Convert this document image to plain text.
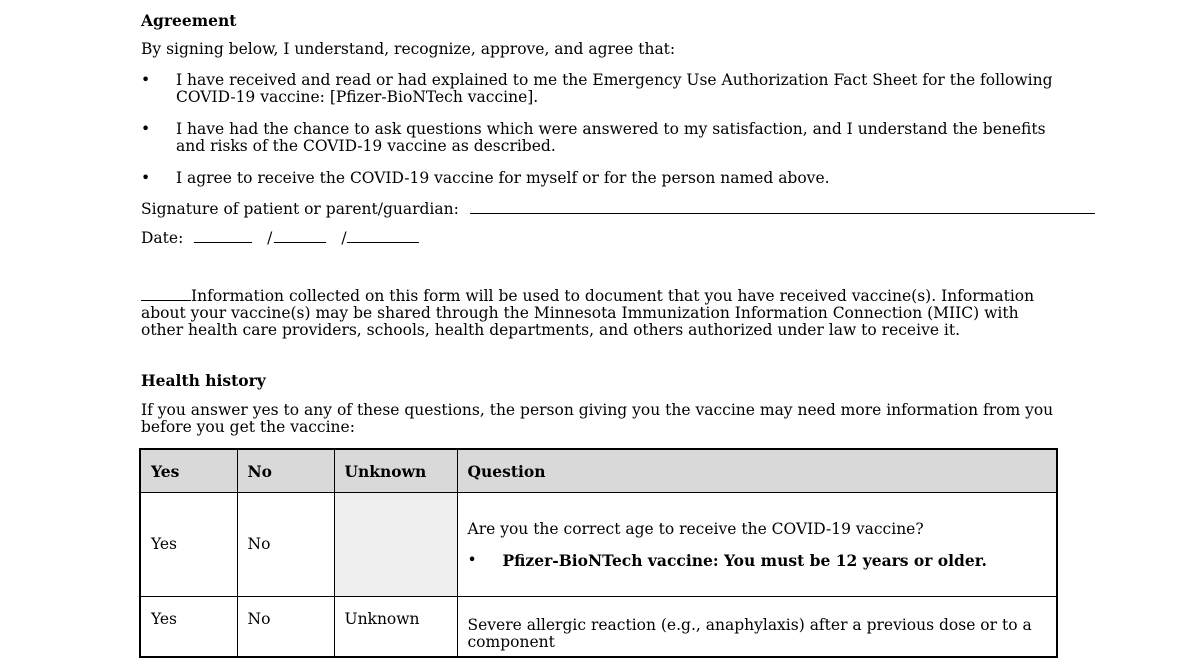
Agreement
By signing below, I understand, recognize, approve, and agree that:
• I have received and read or had explained to me the Emergency Use Authorization Fact Sheet for the following COVID-19 vaccine: [Pfizer-BioNTech vaccine].
• I have had the chance to ask questions which were answered to my satisfaction, and I understand the benefits and risks of the COVID-19 vaccine as described.
• I agree to receive the COVID-19 vaccine for myself or for the person named above.
Signature of patient or parent/guardian:
Date:	/	/
Information collected on this form will be used to document that you have received vaccine(s). Information about your vaccine(s) may be shared through the Minnesota Immunization Information Connection (MIIC) with other health care providers, schools, health departments, and others authorized under law to receive it.
Health history
If you answer yes to any of these questions, the person giving you the vaccine may need more information from you before you get the vaccine:
Yes	No	Unknown	Question
Yes	No		Are you the correct age to receive the COVID-19 vaccine?
• Pfizer-BioNTech vaccine: You must be 12 years or older.

Yes	No	Unknown	Severe allergic reaction (e.g., anaphylaxis) after a previous dose or to a component
